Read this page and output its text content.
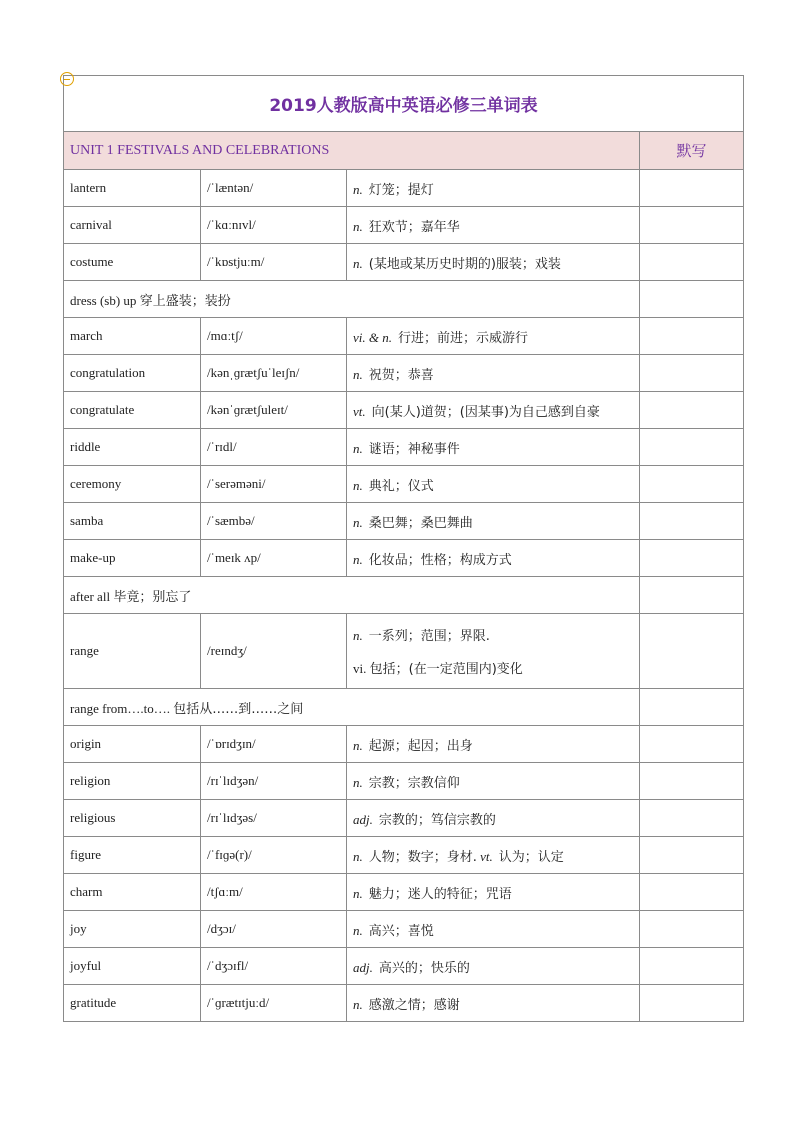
2019人教版高中英语必修三单词表			
UNIT 1 FESTIVALS AND CELEBRATIONS			默写
lantern	/ˈlæntən/	n. 灯笼；提灯	
carnival	/ˈkɑːnɪvl/	n. 狂欢节；嘉年华	
costume	/ˈkɒstjuːm/	n. (某地或某历史时期的)服装；戏装	
dress (sb) up 穿上盛装；装扮			
march	/mɑːtʃ/	vi. & n. 行进；前进；示威游行	
congratulation	/kənˌɡrætʃuˈleɪʃn/	n. 祝贺；恭喜	
congratulate	/kənˈɡrætʃuleɪt/	vt. 向(某人)道贺；(因某事)为自己感到自豪	
riddle	/ˈrɪdl/	n. 谜语；神秘事件	
ceremony	/ˈserəməni/	n. 典礼；仪式	
samba	/ˈsæmbə/	n. 桑巴舞；桑巴舞曲	
make-up	/ˈmeɪk ʌp/	n. 化妆品；性格；构成方式	
after all 毕竟；别忘了			
range	/reɪndʒ/	n. 一系列；范围；界限.
vi. 包括；(在一定范围内)变化	

range from….to…. 包括从……到……之间			
origin	/ˈɒrɪdʒɪn/	n. 起源；起因；出身	
religion	/rɪˈlɪdʒən/	n. 宗教；宗教信仰	
religious	/rɪˈlɪdʒəs/	adj. 宗教的；笃信宗教的	
figure	/ˈfɪɡə(r)/	n. 人物；数字；身材. vt. 认为；认定	
charm	/tʃɑːm/	n. 魅力；迷人的特征；咒语	
joy	/dʒɔɪ/	n. 高兴；喜悦	
joyful	/ˈdʒɔɪfl/	adj. 高兴的；快乐的	
gratitude	/ˈɡrætɪtjuːd/	n. 感激之情；感谢	
